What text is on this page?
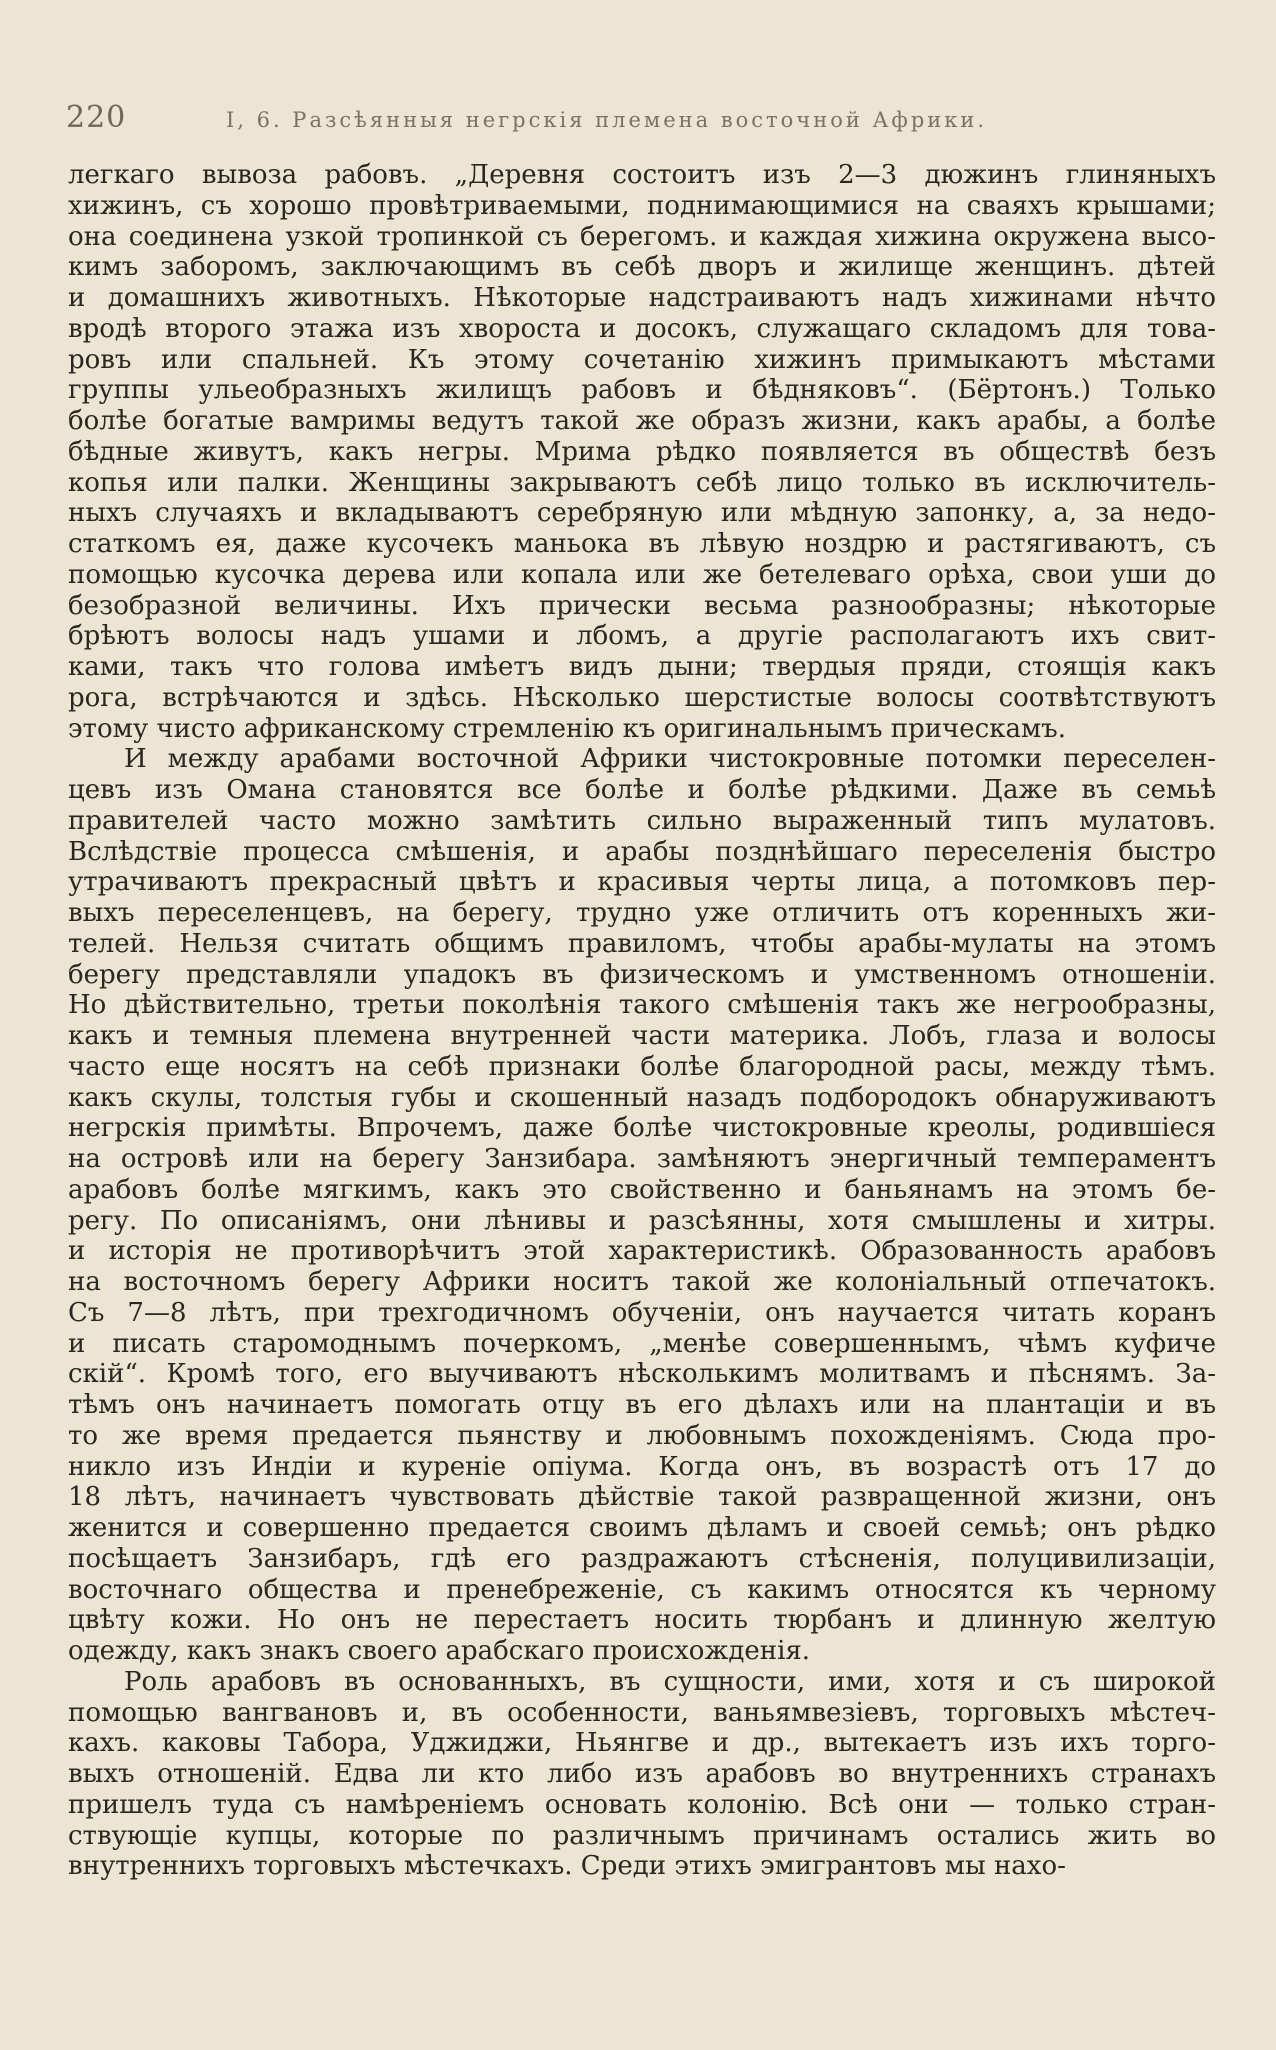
220	I, 6. Разсѣянныя негрскія племена восточной Африки.
легкаго вывоза рабовъ. „Деревня состоитъ изъ 2—3 дюжинъ глиняныхъ
хижинъ, съ хорошо провѣтриваемыми, поднимающимися на сваяхъ крышами;
она соединена узкой тропинкой съ берегомъ. и каждая хижина окружена высо-
кимъ заборомъ, заключающимъ въ себѣ дворъ и жилище женщинъ. дѣтей
и домашнихъ животныхъ. Нѣкоторые надстраиваютъ надъ хижинами нѣчто
вродѣ второго этажа изъ хвороста и досокъ, служащаго складомъ для това-
ровъ или спальней. Къ этому сочетанію хижинъ примыкаютъ мѣстами
группы ульеобразныхъ жилищъ рабовъ и бѣдняковъ“. (Бёртонъ.) Только
болѣе богатые вамримы ведутъ такой же образъ жизни, какъ арабы, а болѣе
бѣдные живутъ, какъ негры. Мрима рѣдко появляется въ обществѣ безъ
копья или палки. Женщины закрываютъ себѣ лицо только въ исключитель-
ныхъ случаяхъ и вкладываютъ серебряную или мѣдную запонку, а, за недо-
статкомъ ея, даже кусочекъ маньока въ лѣвую ноздрю и растягиваютъ, съ
помощью кусочка дерева или копала или же бетелеваго орѣха, свои уши до
безобразной величины. Ихъ прически весьма разнообразны; нѣкоторые
брѣютъ волосы надъ ушами и лбомъ, а другіе располагаютъ ихъ свит-
ками, такъ что голова имѣетъ видъ дыни; твердыя пряди, стоящія какъ
рога, встрѣчаются и здѣсь. Нѣсколько шерстистые волосы соотвѣтствуютъ
этому чисто африканскому стремленію къ оригинальнымъ прическамъ.
И между арабами восточной Африки чистокровные потомки переселен-
цевъ изъ Омана становятся все болѣе и болѣе рѣдкими. Даже въ семьѣ
правителей часто можно замѣтить сильно выраженный типъ мулатовъ.
Вслѣдствіе процесса смѣшенія, и арабы позднѣйшаго переселенія быстро
утрачиваютъ прекрасный цвѣтъ и красивыя черты лица, а потомковъ пер-
выхъ переселенцевъ, на берегу, трудно уже отличить отъ коренныхъ жи-
телей. Нельзя считать общимъ правиломъ, чтобы арабы-мулаты на этомъ
берегу представляли упадокъ въ физическомъ и умственномъ отношеніи.
Но дѣйствительно, третьи поколѣнія такого смѣшенія такъ же негрообразны,
какъ и темныя племена внутренней части материка. Лобъ, глаза и волосы
часто еще носятъ на себѣ признаки болѣе благородной расы, между тѣмъ.
какъ скулы, толстыя губы и скошенный назадъ подбородокъ обнаруживаютъ
негрскія примѣты. Впрочемъ, даже болѣе чистокровные креолы, родившіеся
на островѣ или на берегу Занзибара. замѣняютъ энергичный темпераментъ
арабовъ болѣе мягкимъ, какъ это свойственно и баньянамъ на этомъ бе-
регу. По описаніямъ, они лѣнивы и разсѣянны, хотя смышлены и хитры.
и исторія не противорѣчитъ этой характеристикѣ. Образованность арабовъ
на восточномъ берегу Африки носитъ такой же колоніальный отпечатокъ.
Съ 7—8 лѣтъ, при трехгодичномъ обученіи, онъ научается читать коранъ
и писать старомоднымъ почеркомъ, „менѣе совершеннымъ, чѣмъ куфиче
скій“. Кромѣ того, его выучиваютъ нѣсколькимъ молитвамъ и пѣснямъ. За-
тѣмъ онъ начинаетъ помогать отцу въ его дѣлахъ или на плантаціи и въ
то же время предается пьянству и любовнымъ похожденіямъ. Сюда про-
никло изъ Индіи и куреніе опіума. Когда онъ, въ возрастѣ отъ 17 до
18 лѣтъ, начинаетъ чувствовать дѣйствіе такой развращенной жизни, онъ
женится и совершенно предается своимъ дѣламъ и своей семьѣ; онъ рѣдко
посѣщаетъ Занзибаръ, гдѣ его раздражаютъ стѣсненія, полуцивилизаціи,
восточнаго общества и пренебреженіе, съ какимъ относятся къ черному
цвѣту кожи. Но онъ не перестаетъ носить тюрбанъ и длинную желтую
одежду, какъ знакъ своего арабскаго происхожденія.
Роль арабовъ въ основанныхъ, въ сущности, ими, хотя и съ широкой
помощью вангвановъ и, въ особенности, ваньямвезіевъ, торговыхъ мѣстеч-
кахъ. каковы Табора, Уджиджи, Ньянгве и др., вытекаетъ изъ ихъ торго-
выхъ отношеній. Едва ли кто либо изъ арабовъ во внутреннихъ странахъ
пришелъ туда съ намѣреніемъ основать колонію. Всѣ они — только стран-
ствующіе купцы, которые по различнымъ причинамъ остались жить во
внутреннихъ торговыхъ мѣстечкахъ. Среди этихъ эмигрантовъ мы нахо-
